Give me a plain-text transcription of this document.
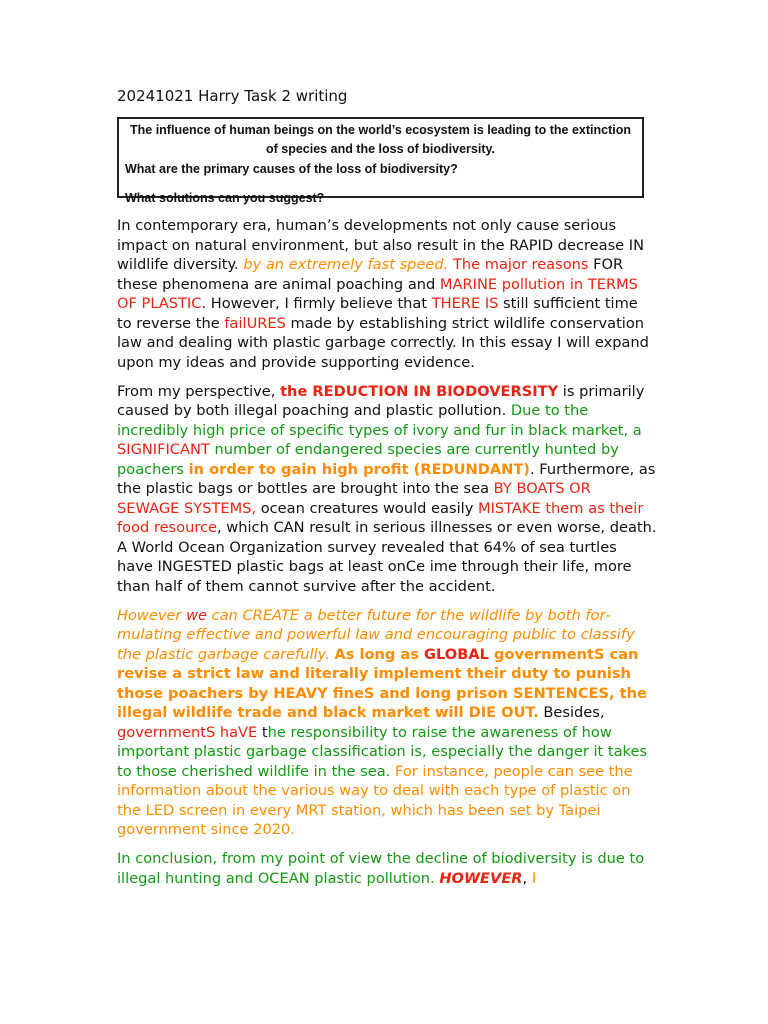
20241021 Harry Task 2 writing
The influence of human beings on the world’s ecosystem is leading to the extinction
of species and the loss of biodiversity.
What are the primary causes of the loss of biodiversity?
What solutions can you suggest?

In contemporary era, human’s developments not only cause serious impact on natural environment, but also result in the RAPID decrease IN wildlife diversity. by an extremely fast speed. The major reasons FOR these phenomena are animal poaching and MARINE pollution in TERMS OF PLASTIC. However, I firmly believe that THERE IS still sufficient time to reverse the failURES made by establishing strict wildlife conservation law and dealing with plastic garbage correctly. In this essay I will expand upon my ideas and provide supporting evidence.

From my perspective, the REDUCTION IN BIODOVERSITY is primarily caused by both illegal poaching and plastic pollution. Due to the incredibly high price of specific types of ivory and fur in black market, a SIGNIFICANT number of endangered species are currently hunted by poachers in order to gain high profit (REDUNDANT). Furthermore, as the plastic bags or bottles are brought into the sea BY BOATS OR SEWAGE SYSTEMS, ocean creatures would easily MISTAKE them as their food resource, which CAN result in serious illnesses or even worse, death. A World Ocean Organization survey revealed that 64% of sea turtles have INGESTED plastic bags at least onCe ime through their life, more than half of them cannot survive after the accident.

However we can CREATE a better future for the wildlife by both formulating effective and powerful law and encouraging public to classify the plastic garbage carefully. As long as GLOBAL governmentS can revise a strict law and literally implement their duty to punish those poachers by HEAVY fineS and long prison SENTENCES, the illegal wildlife trade and black market will DIE OUT. Besides, governmentS haVE the responsibility to raise the awareness of how important plastic garbage classification is, especially the danger it takes to those cherished wildlife in the sea. For instance, people can see the information about the various way to deal with each type of plastic on the LED screen in every MRT station, which has been set by Taipei government since 2020.

In conclusion, from my point of view the decline of biodiversity is due to illegal hunting and OCEAN plastic pollution. HOWEVER, I
